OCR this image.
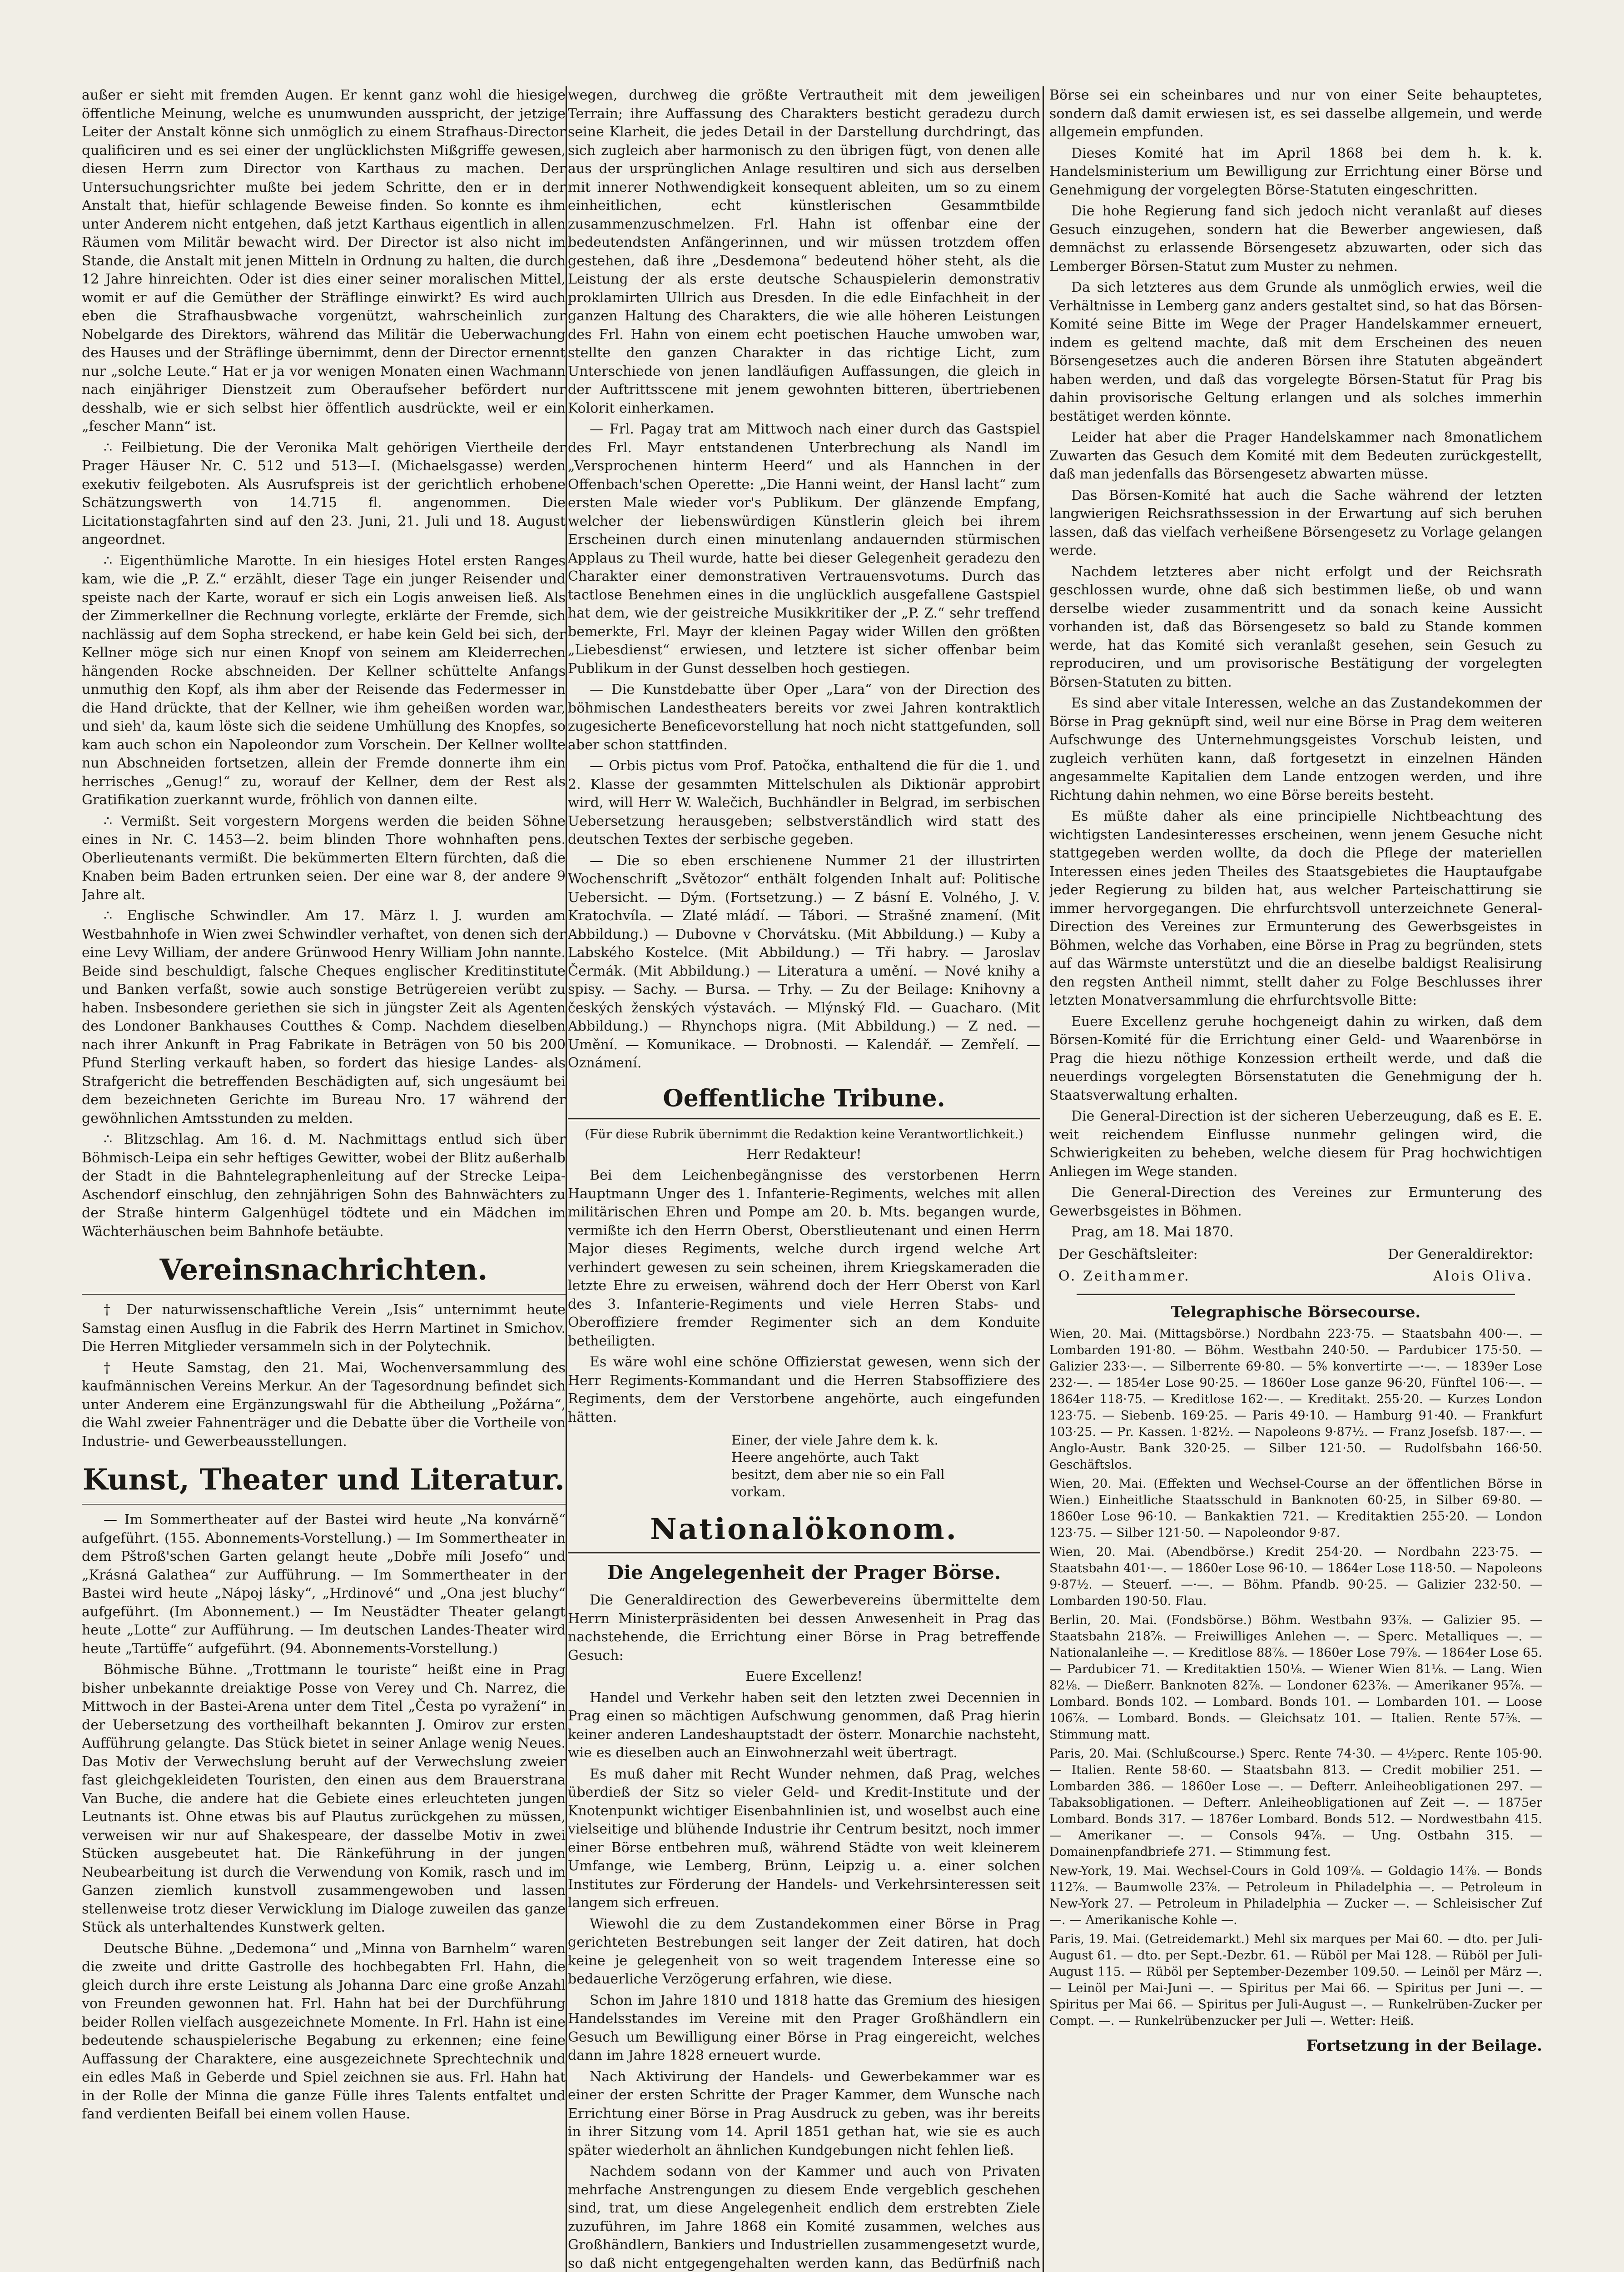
außer er sieht mit fremden Augen. Er kennt ganz wohl die hiesige öffentliche Meinung, welche es unumwunden ausspricht, der jetzige Leiter der Anstalt könne sich unmöglich zu einem Strafhaus-Director qualificiren und es sei einer der unglücklichsten Mißgriffe gewesen, diesen Herrn zum Director von Karthaus zu machen. Der Untersuchungsrichter mußte bei jedem Schritte, den er in der Anstalt that, hiefür schlagende Beweise finden. So konnte es ihm unter Anderem nicht entgehen, daß jetzt Karthaus eigentlich in allen Räumen vom Militär bewacht wird. Der Director ist also nicht im Stande, die Anstalt mit jenen Mitteln in Ordnung zu halten, die durch 12 Jahre hinreichten. Oder ist dies einer seiner moralischen Mittel, womit er auf die Gemüther der Sträflinge einwirkt? Es wird auch eben die Strafhausbwache vorgenützt, wahrscheinlich zur Nobelgarde des Direktors, während das Militär die Ueberwachung des Hauses und der Sträflinge übernimmt, denn der Director ernennt nur „solche Leute.“ Hat er ja vor wenigen Monaten einen Wachmann nach einjähriger Dienstzeit zum Oberaufseher befördert nur desshalb, wie er sich selbst hier öffentlich ausdrückte, weil er ein „fescher Mann“ ist.

∴ Feilbietung. Die der Veronika Malt gehörigen Viertheile der Prager Häuser Nr. C. 512 und 513—I. (Michaelsgasse) werden exekutiv feilgeboten. Als Ausrufspreis ist der gerichtlich erhobene Schätzungswerth von 14.715 fl. angenommen. Die Licitationstagfahrten sind auf den 23. Juni, 21. Juli und 18. August angeordnet.

∴ Eigenthümliche Marotte. In ein hiesiges Hotel ersten Ranges kam, wie die „P. Z.“ erzählt, dieser Tage ein junger Reisender und speiste nach der Karte, worauf er sich ein Logis anweisen ließ. Als der Zimmerkellner die Rechnung vorlegte, erklärte der Fremde, sich nachlässig auf dem Sopha streckend, er habe kein Geld bei sich, der Kellner möge sich nur einen Knopf von seinem am Kleiderrechen hängenden Rocke abschneiden. Der Kellner schüttelte Anfangs unmuthig den Kopf, als ihm aber der Reisende das Federmesser in die Hand drückte, that der Kellner, wie ihm geheißen worden war, und sieh' da, kaum löste sich die seidene Umhüllung des Knopfes, so kam auch schon ein Napoleondor zum Vorschein. Der Kellner wollte nun Abschneiden fortsetzen, allein der Fremde donnerte ihm ein herrisches „Genug!“ zu, worauf der Kellner, dem der Rest als Gratifikation zuerkannt wurde, fröhlich von dannen eilte.

∴ Vermißt. Seit vorgestern Morgens werden die beiden Söhne eines in Nr. C. 1453—2. beim blinden Thore wohnhaften pens. Oberlieutenants vermißt. Die bekümmerten Eltern fürchten, daß die Knaben beim Baden ertrunken seien. Der eine war 8, der andere 9 Jahre alt.

∴ Englische Schwindler. Am 17. März l. J. wurden am Westbahnhofe in Wien zwei Schwindler verhaftet, von denen sich der eine Levy William, der andere Grünwood Henry William John nannte. Beide sind beschuldigt, falsche Cheques englischer Kreditinstitute und Banken verfaßt, sowie auch sonstige Betrügereien verübt zu haben. Insbesondere geriethen sie sich in jüngster Zeit als Agenten des Londoner Bankhauses Coutthes & Comp. Nachdem dieselben nach ihrer Ankunft in Prag Fabrikate in Beträgen von 50 bis 200 Pfund Sterling verkauft haben, so fordert das hiesige Landes- als Strafgericht die betreffenden Beschädigten auf, sich ungesäumt bei dem bezeichneten Gerichte im Bureau Nro. 17 während der gewöhnlichen Amtsstunden zu melden.

∴ Blitzschlag. Am 16. d. M. Nachmittags entlud sich über Böhmisch-Leipa ein sehr heftiges Gewitter, wobei der Blitz außerhalb der Stadt in die Bahntelegraphenleitung auf der Strecke Leipa-Aschendorf einschlug, den zehnjährigen Sohn des Bahnwächters zu der Straße hinterm Galgenhügel tödtete und ein Mädchen im Wächterhäuschen beim Bahnhofe betäubte.

Vereinsnachrichten.

† Der naturwissenschaftliche Verein „Isis“ unternimmt heute Samstag einen Ausflug in die Fabrik des Herrn Martinet in Smichov. Die Herren Mitglieder versammeln sich in der Polytechnik.

† Heute Samstag, den 21. Mai, Wochenversammlung des kaufmännischen Vereins Merkur. An der Tagesordnung befindet sich unter Anderem eine Ergänzungswahl für die Abtheilung „Požárna“, die Wahl zweier Fahnenträger und die Debatte über die Vortheile von Industrie- und Gewerbeausstellungen.

Kunst, Theater und Literatur.

— Im Sommertheater auf der Bastei wird heute „Na konvárně“ aufgeführt. (155. Abonnements-Vorstellung.) — Im Sommertheater in dem Pštroß'schen Garten gelangt heute „Dobře míli Josefo“ und „Krásná Galathea“ zur Aufführung. — Im Sommertheater in der Bastei wird heute „Nápoj lásky“, „Hrdinové“ und „Ona jest bluchy“ aufgeführt. (Im Abonnement.) — Im Neustädter Theater gelangt heute „Lotte“ zur Aufführung. — Im deutschen Landes-Theater wird heute „Tartüffe“ aufgeführt. (94. Abonnements-Vorstellung.)

Böhmische Bühne. „Trottmann le touriste“ heißt eine in Prag bisher unbekannte dreiaktige Posse von Verey und Ch. Narrez, die Mittwoch in der Bastei-Arena unter dem Titel „Česta po vyražení“ in der Uebersetzung des vortheilhaft bekannten J. Omirov zur ersten Aufführung gelangte. Das Stück bietet in seiner Anlage wenig Neues. Das Motiv der Verwechslung beruht auf der Verwechslung zweier fast gleichgekleideten Touristen, den einen aus dem Brauerstrana Van Buche, die andere hat die Gebiete eines erleuchteten jungen Leutnants ist. Ohne etwas bis auf Plautus zurückgehen zu müssen, verweisen wir nur auf Shakespeare, der dasselbe Motiv in zwei Stücken ausgebeutet hat. Die Ränkeführung in der jungen Neubearbeitung ist durch die Verwendung von Komik, rasch und im Ganzen ziemlich kunstvoll zusammengewoben und lassen stellenweise trotz dieser Verwicklung im Dialoge zuweilen das ganze Stück als unterhaltendes Kunstwerk gelten.

Deutsche Bühne. „Dedemona“ und „Minna von Barnhelm“ waren die zweite und dritte Gastrolle des hochbegabten Frl. Hahn, die gleich durch ihre erste Leistung als Johanna Darc eine große Anzahl von Freunden gewonnen hat. Frl. Hahn hat bei der Durchführung beider Rollen vielfach ausgezeichnete Momente. In Frl. Hahn ist eine bedeutende schauspielerische Begabung zu erkennen; eine feine Auffassung der Charaktere, eine ausgezeichnete Sprechtechnik und ein edles Maß in Geberde und Spiel zeichnen sie aus. Frl. Hahn hat in der Rolle der Minna die ganze Fülle ihres Talents entfaltet und fand verdienten Beifall bei einem vollen Hause.

wegen, durchweg die größte Vertrautheit mit dem jeweiligen Terrain; ihre Auffassung des Charakters besticht geradezu durch seine Klarheit, die jedes Detail in der Darstellung durchdringt, das sich zugleich aber harmonisch zu den übrigen fügt, von denen alle aus der ursprünglichen Anlage resultiren und sich aus derselben mit innerer Nothwendigkeit konsequent ableiten, um so zu einem einheitlichen, echt künstlerischen Gesammtbilde zusammenzuschmelzen. Frl. Hahn ist offenbar eine der bedeutendsten Anfängerinnen, und wir müssen trotzdem offen gestehen, daß ihre „Desdemona“ bedeutend höher steht, als die Leistung der als erste deutsche Schauspielerin demonstrativ proklamirten Ullrich aus Dresden. In die edle Einfachheit in der ganzen Haltung des Charakters, die wie alle höheren Leistungen des Frl. Hahn von einem echt poetischen Hauche umwoben war, stellte den ganzen Charakter in das richtige Licht, zum Unterschiede von jenen landläufigen Auffassungen, die gleich in der Auftrittsscene mit jenem gewohnten bitteren, übertriebenen Kolorit einherkamen.

— Frl. Pagay trat am Mittwoch nach einer durch das Gastspiel des Frl. Mayr entstandenen Unterbrechung als Nandl im „Versprochenen hinterm Heerd“ und als Hannchen in der Offenbach'schen Operette: „Die Hanni weint, der Hansl lacht“ zum ersten Male wieder vor's Publikum. Der glänzende Empfang, welcher der liebenswürdigen Künstlerin gleich bei ihrem Erscheinen durch einen minutenlang andauernden stürmischen Applaus zu Theil wurde, hatte bei dieser Gelegenheit geradezu den Charakter einer demonstrativen Vertrauensvotums. Durch das tactlose Benehmen eines in die unglücklich ausgefallene Gastspiel hat dem, wie der geistreiche Musikkritiker der „P. Z.“ sehr treffend bemerkte, Frl. Mayr der kleinen Pagay wider Willen den größten „Liebesdienst“ erwiesen, und letztere ist sicher offenbar beim Publikum in der Gunst desselben hoch gestiegen.

— Die Kunstdebatte über Oper „Lara“ von der Direction des böhmischen Landestheaters bereits vor zwei Jahren kontraktlich zugesicherte Beneficevorstellung hat noch nicht stattgefunden, soll aber schon stattfinden.

— Orbis pictus vom Prof. Patočka, enthaltend die für die 1. und 2. Klasse der gesammten Mittelschulen als Diktionär approbirt wird, will Herr W. Walečich, Buchhändler in Belgrad, im serbischen Uebersetzung herausgeben; selbstverständlich wird statt des deutschen Textes der serbische gegeben.

— Die so eben erschienene Nummer 21 der illustrirten Wochenschrift „Světozor“ enthält folgenden Inhalt auf: Politische Uebersicht. — Dým. (Fortsetzung.) — Z básní E. Volného, J. V. Kratochvíla. — Zlaté mládí. — Tábori. — Strašné znamení. (Mit Abbildung.) — Dubovne v Chorvátsku. (Mit Abbildung.) — Kuby a Labského Kostelce. (Mit Abbildung.) — Tři habry. — Jaroslav Čermák. (Mit Abbildung.) — Literatura a umění. — Nové knihy a spisy. — Sachy. — Bursa. — Trhy. — Zu der Beilage: Knihovny a českých ženských výstavách. — Mlýnský Fld. — Guacharo. (Mit Abbildung.) — Rhynchops nigra. (Mit Abbildung.) — Z ned. — Umění. — Komunikace. — Drobnosti. — Kalendář. — Zemřelí. — Oznámení.

Oeffentliche Tribune.

(Für diese Rubrik übernimmt die Redaktion keine Verantwortlichkeit.)

Herr Redakteur!

Bei dem Leichenbegängnisse des verstorbenen Herrn Hauptmann Unger des 1. Infanterie-Regiments, welches mit allen militärischen Ehren und Pompe am 20. b. Mts. begangen wurde, vermißte ich den Herrn Oberst, Oberstlieutenant und einen Herrn Major dieses Regiments, welche durch irgend welche Art verhindert gewesen zu sein scheinen, ihrem Kriegskameraden die letzte Ehre zu erweisen, während doch der Herr Oberst von Karl des 3. Infanterie-Regiments und viele Herren Stabs- und Oberoffiziere fremder Regimenter sich an dem Konduite betheiligten.

Es wäre wohl eine schöne Offizierstat gewesen, wenn sich der Herr Regiments-Kommandant und die Herren Stabsoffiziere des Regiments, dem der Verstorbene angehörte, auch eingefunden hätten.

Einer, der viele Jahre dem k. k. Heere angehörte, auch Takt besitzt, dem aber nie so ein Fall vorkam.

Nationalökonom.
Die Angelegenheit der Prager Börse.

Die Generaldirection des Gewerbevereins übermittelte dem Herrn Ministerpräsidenten bei dessen Anwesenheit in Prag das nachstehende, die Errichtung einer Börse in Prag betreffende Gesuch:

Euere Excellenz!

Handel und Verkehr haben seit den letzten zwei Decennien in Prag einen so mächtigen Aufschwung genommen, daß Prag hierin keiner anderen Landeshauptstadt der österr. Monarchie nachsteht, wie es dieselben auch an Einwohnerzahl weit übertragt.

Es muß daher mit Recht Wunder nehmen, daß Prag, welches überdieß der Sitz so vieler Geld- und Kredit-Institute und der Knotenpunkt wichtiger Eisenbahnlinien ist, und woselbst auch eine vielseitige und blühende Industrie ihr Centrum besitzt, noch immer einer Börse entbehren muß, während Städte von weit kleinerem Umfange, wie Lemberg, Brünn, Leipzig u. a. einer solchen Institutes zur Förderung der Handels- und Verkehrsinteressen seit langem sich erfreuen.

Wiewohl die zu dem Zustandekommen einer Börse in Prag gerichteten Bestrebungen seit langer der Zeit datiren, hat doch keine je gelegenheit von so weit tragendem Interesse eine so bedauerliche Verzögerung erfahren, wie diese.

Schon im Jahre 1810 und 1818 hatte das Gremium des hiesigen Handelsstandes im Vereine mit den Prager Großhändlern ein Gesuch um Bewilligung einer Börse in Prag eingereicht, welches dann im Jahre 1828 erneuert wurde.

Nach Aktivirung der Handels- und Gewerbekammer war es einer der ersten Schritte der Prager Kammer, dem Wunsche nach Errichtung einer Börse in Prag Ausdruck zu geben, was ihr bereits in ihrer Sitzung vom 14. April 1851 gethan hat, wie sie es auch später wiederholt an ähnlichen Kundgebungen nicht fehlen ließ.

Nachdem sodann von der Kammer und auch von Privaten mehrfache Anstrengungen zu diesem Ende vergeblich geschehen sind, trat, um diese Angelegenheit endlich dem erstrebten Ziele zuzuführen, im Jahre 1868 ein Komité zusammen, welches aus Großhändlern, Bankiers und Industriellen zusammengesetzt wurde, so daß nicht entgegengehalten werden kann, das Bedürfniß nach

Börse sei ein scheinbares und nur von einer Seite behauptetes, sondern daß damit erwiesen ist, es sei dasselbe allgemein, und werde allgemein empfunden.

Dieses Komité hat im April 1868 bei dem h. k. k. Handelsministerium um Bewilligung zur Errichtung einer Börse und Genehmigung der vorgelegten Börse-Statuten eingeschritten.

Die hohe Regierung fand sich jedoch nicht veranlaßt auf dieses Gesuch einzugehen, sondern hat die Bewerber angewiesen, daß demnächst zu erlassende Börsengesetz abzuwarten, oder sich das Lemberger Börsen-Statut zum Muster zu nehmen.

Da sich letzteres aus dem Grunde als unmöglich erwies, weil die Verhältnisse in Lemberg ganz anders gestaltet sind, so hat das Börsen-Komité seine Bitte im Wege der Prager Handelskammer erneuert, indem es geltend machte, daß mit dem Erscheinen des neuen Börsengesetzes auch die anderen Börsen ihre Statuten abgeändert haben werden, und daß das vorgelegte Börsen-Statut für Prag bis dahin provisorische Geltung erlangen und als solches immerhin bestätiget werden könnte.

Leider hat aber die Prager Handelskammer nach 8monatlichem Zuwarten das Gesuch dem Komité mit dem Bedeuten zurückgestellt, daß man jedenfalls das Börsengesetz abwarten müsse.

Das Börsen-Komité hat auch die Sache während der letzten langwierigen Reichsrathssession in der Erwartung auf sich beruhen lassen, daß das vielfach verheißene Börsengesetz zu Vorlage gelangen werde.

Nachdem letzteres aber nicht erfolgt und der Reichsrath geschlossen wurde, ohne daß sich bestimmen ließe, ob und wann derselbe wieder zusammentritt und da sonach keine Aussicht vorhanden ist, daß das Börsengesetz so bald zu Stande kommen werde, hat das Komité sich veranlaßt gesehen, sein Gesuch zu reproduciren, und um provisorische Bestätigung der vorgelegten Börsen-Statuten zu bitten.

Es sind aber vitale Interessen, welche an das Zustandekommen der Börse in Prag geknüpft sind, weil nur eine Börse in Prag dem weiteren Aufschwunge des Unternehmungsgeistes Vorschub leisten, und zugleich verhüten kann, daß fortgesetzt in einzelnen Händen angesammelte Kapitalien dem Lande entzogen werden, und ihre Richtung dahin nehmen, wo eine Börse bereits besteht.

Es müßte daher als eine principielle Nichtbeachtung des wichtigsten Landesinteresses erscheinen, wenn jenem Gesuche nicht stattgegeben werden wollte, da doch die Pflege der materiellen Interessen eines jeden Theiles des Staatsgebietes die Hauptaufgabe jeder Regierung zu bilden hat, aus welcher Parteischattirung sie immer hervorgegangen. Die ehrfurchtsvoll unterzeichnete General-Direction des Vereines zur Ermunterung des Gewerbsgeistes in Böhmen, welche das Vorhaben, eine Börse in Prag zu begründen, stets auf das Wärmste unterstützt und die an dieselbe baldigst Realisirung den regsten Antheil nimmt, stellt daher zu Folge Beschlusses ihrer letzten Monatversammlung die ehrfurchtsvolle Bitte:

Euere Excellenz geruhe hochgeneigt dahin zu wirken, daß dem Börsen-Komité für die Errichtung einer Geld- und Waarenbörse in Prag die hiezu nöthige Konzession ertheilt werde, und daß die neuerdings vorgelegten Börsenstatuten die Genehmigung der h. Staatsverwaltung erhalten.

Die General-Direction ist der sicheren Ueberzeugung, daß es E. E. weit reichendem Einflusse nunmehr gelingen wird, die Schwierigkeiten zu beheben, welche diesem für Prag hochwichtigen Anliegen im Wege standen.

Die General-Direction des Vereines zur Ermunterung des Gewerbsgeistes in Böhmen.

Prag, am 18. Mai 1870.

Der Geschäftsleiter:	Der Generaldirektor:
O. Zeithammer.	Alois Oliva.
Telegraphische Börsecourse.

Wien, 20. Mai. (Mittagsbörse.) Nordbahn 223·75. — Staatsbahn 400·—. — Lombarden 191·80. — Böhm. Westbahn 240·50. — Pardubicer 175·50. — Galizier 233·—. — Silberrente 69·80. — 5% konvertirte —·—. — 1839er Lose 232·—. — 1854er Lose 90·25. — 1860er Lose ganze 96·20, Fünftel 106·—. — 1864er 118·75. — Kreditlose 162·—. — Kreditakt. 255·20. — Kurzes London 123·75. — Siebenb. 169·25. — Paris 49·10. — Hamburg 91·40. — Frankfurt 103·25. — Pr. Kassen. 1·82½. — Napoleons 9·87½. — Franz Josefsb. 187·—. — Anglo-Austr. Bank 320·25. — Silber 121·50. — Rudolfsbahn 166·50. Geschäftslos.

Wien, 20. Mai. (Effekten und Wechsel-Course an der öffentlichen Börse in Wien.) Einheitliche Staatsschuld in Banknoten 60·25, in Silber 69·80. — 1860er Lose 96·10. — Bankaktien 721. — Kreditaktien 255·20. — London 123·75. — Silber 121·50. — Napoleondor 9·87.

Wien, 20. Mai. (Abendbörse.) Kredit 254·20. — Nordbahn 223·75. — Staatsbahn 401·—. — 1860er Lose 96·10. — 1864er Lose 118·50. — Napoleons 9·87½. — Steuerf. —·—. — Böhm. Pfandb. 90·25. — Galizier 232·50. — Lombarden 190·50. Flau.

Berlin, 20. Mai. (Fondsbörse.) Böhm. Westbahn 93⅞. — Galizier 95. — Staatsbahn 218⅞. — Freiwilliges Anlehen —. — Sperc. Metalliques —. — Nationalanleihe —. — Kreditlose 88⅞. — 1860er Lose 79⅞. — 1864er Lose 65. — Pardubicer 71. — Kreditaktien 150⅛. — Wiener Wien 81⅛. — Lang. Wien 82⅛. — Dießerr. Banknoten 82⅞. — Londoner 623⅞. — Amerikaner 95⅞. — Lombard. Bonds 102. — Lombard. Bonds 101. — Lombarden 101. — Loose 106⅞. — Lombard. Bonds. — Gleichsatz 101. — Italien. Rente 57⅝. — Stimmung matt.

Paris, 20. Mai. (Schlußcourse.) Sperc. Rente 74·30. — 4½perc. Rente 105·90. — Italien. Rente 58·60. — Staatsbahn 813. — Credit mobilier 251. — Lombarden 386. — 1860er Lose —. — Defterr. Anleiheobligationen 297. — Tabaksobligationen. — Defterr. Anleiheobligationen auf Zeit —. — 1875er Lombard. Bonds 317. — 1876er Lombard. Bonds 512. — Nordwestbahn 415. — Amerikaner —. — Consols 94⅞. — Ung. Ostbahn 315. — Domainenpfandbriefe 271. — Stimmung fest.

New-York, 19. Mai. Wechsel-Cours in Gold 109⅞. — Goldagio 14⅞. — Bonds 112⅞. — Baumwolle 23⅞. — Petroleum in Philadelphia —. — Petroleum in New-York 27. — Petroleum in Philadelphia — Zucker —. — Schleisischer Zuf —. — Amerikanische Kohle —.

Paris, 19. Mai. (Getreidemarkt.) Mehl six marques per Mai 60. — dto. per Juli-August 61. — dto. per Sept.-Dezbr. 61. — Rüböl per Mai 128. — Rüböl per Juli-August 115. — Rüböl per September-Dezember 109.50. — Leinöl per März —. — Leinöl per Mai-Juni —. — Spiritus per Mai 66. — Spiritus per Juni —. — Spiritus per Mai 66. — Spiritus per Juli-August —. — Runkelrüben-Zucker per Compt. —. — Runkelrübenzucker per Juli —. Wetter: Heiß.

Fortsetzung in der Beilage.
